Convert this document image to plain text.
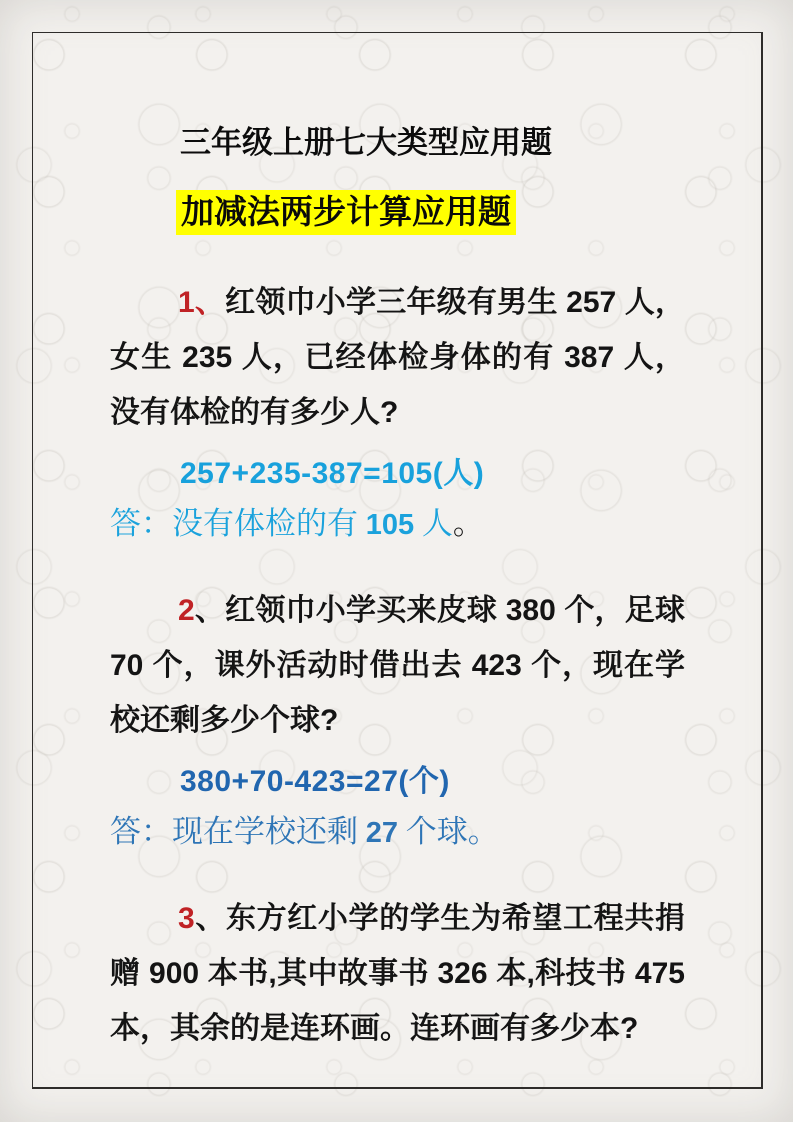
三年级上册七大类型应用题
加减法两步计算应用题

1、红领巾小学三年级有男生 257 人，女生 235 人，已经体检身体的有 387 人，没有体检的有多少人?

257+235-387=105(人)

答：没有体检的有 105 人。

2、红领巾小学买来皮球 380 个，足球 70 个，课外活动时借出去 423 个，现在学校还剩多少个球?

380+70-423=27(个)

答：现在学校还剩 27 个球。

3、东方红小学的学生为希望工程共捐赠 900 本书,其中故事书 326 本,科技书 475 本，其余的是连环画。连环画有多少本?
